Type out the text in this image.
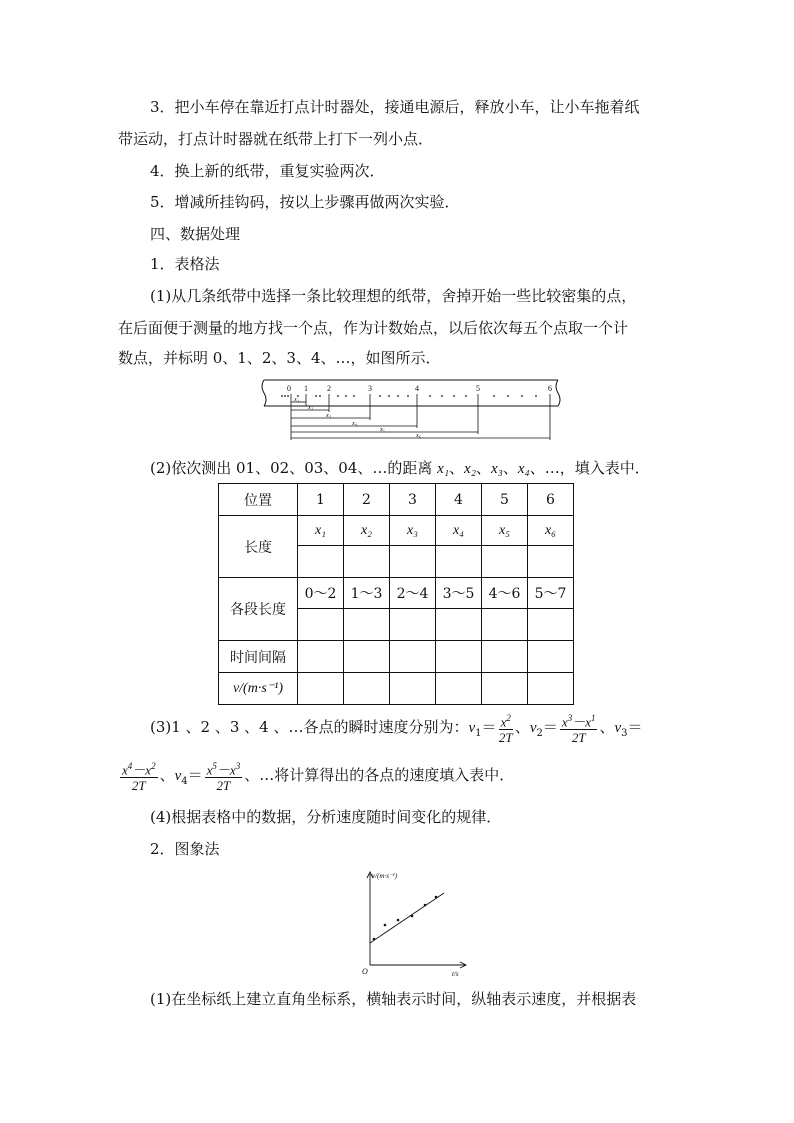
3．把小车停在靠近打点计时器处，接通电源后，释放小车，让小车拖着纸
带运动，打点计时器就在纸带上打下一列小点．
4．换上新的纸带，重复实验两次．
5．增减所挂钩码，按以上步骤再做两次实验．
四、数据处理
1．表格法
(1)从几条纸带中选择一条比较理想的纸带，舍掉开始一些比较密集的点，
在后面便于测量的地方找一个点，作为计数始点，以后依次每五个点取一个计
数点，并标明 0、1、2、3、4、…，如图所示．
0 1 2	3	4	5	6
x₁
x₂
x₃
x₄
x₅
x₆
(2)依次测出 01、02、03、04、…的距离 x₁、x₂、x₃、x₄、…，填入表中．
位置	1	2	3	4	5	6
长度	x₁	x₂	x₃	x₄	x₅	x₆

各段长度	0～2	1～3	2～4	3～5	4～6	5～7

时间间隔						
v/(m·s⁻¹)						
(3)1 、2 、3 、4 、…各点的瞬时速度分别为：$v_1= \frac{x^2}{2T}$ 、$v_2= \frac{x^3-x^1}{2T}$ 、$v_3=$
$\frac{x^4-x^2}{2T}$ 、$v_4= \frac{x^5-x^3}{2T}$ 、…将计算得出的各点的速度填入表中．
(4)根据表格中的数据，分析速度随时间变化的规律．
2．图象法
v/(m·s⁻¹)
t/s
O
(1)在坐标纸上建立直角坐标系，横轴表示时间，纵轴表示速度，并根据表
